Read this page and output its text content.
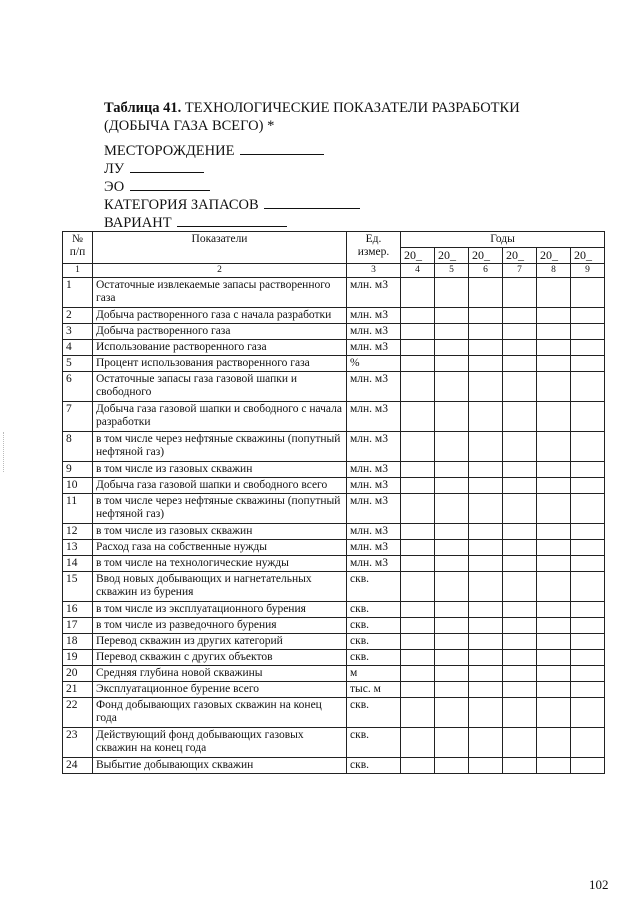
Таблица 41. ТЕХНОЛОГИЧЕСКИЕ ПОКАЗАТЕЛИ РАЗРАБОТКИ (ДОБЫЧА ГАЗА ВСЕГО) *
МЕСТОРОЖДЕНИЕ
ЛУ
ЭО
КАТЕГОРИЯ ЗАПАСОВ
ВАРИАНТ
№ п/п	Показатели	Ед. измер.	Годы					
			20_	20_	20_	20_	20_	20_
1	2	3	4	5	6	7	8	9
1	Остаточные извлекаемые запасы растворенного газа	млн. м3						
2	Добыча растворенного газа с начала разработки	млн. м3						
3	Добыча растворенного газа	млн. м3						
4	Использование растворенного газа	млн. м3						
5	Процент использования растворенного газа	%						
6	Остаточные запасы газа газовой шапки и свободного	млн. м3						
7	Добыча газа газовой шапки и свободного с начала разработки	млн. м3						
8	в том числе через нефтяные скважины (попутный нефтяной газ)	млн. м3						
9	в том числе из газовых скважин	млн. м3						
10	Добыча газа газовой шапки и свободного всего	млн. м3						
11	в том числе через нефтяные скважины (попутный нефтяной газ)	млн. м3						
12	в том числе из газовых скважин	млн. м3						
13	Расход газа на собственные нужды	млн. м3						
14	в том числе на технологические нужды	млн. м3						
15	Ввод новых добывающих и нагнетательных скважин из бурения	скв.						
16	в том числе из эксплуатационного бурения	скв.						
17	в том числе из разведочного бурения	скв.						
18	Перевод скважин из других категорий	скв.						
19	Перевод скважин с других объектов	скв.						
20	Средняя глубина новой скважины	м						
21	Эксплуатационное бурение всего	тыс. м						
22	Фонд добывающих газовых скважин на конец года	скв.						
23	Действующий фонд добывающих газовых скважин на конец года	скв.						
24	Выбытие добывающих скважин	скв.						
102
